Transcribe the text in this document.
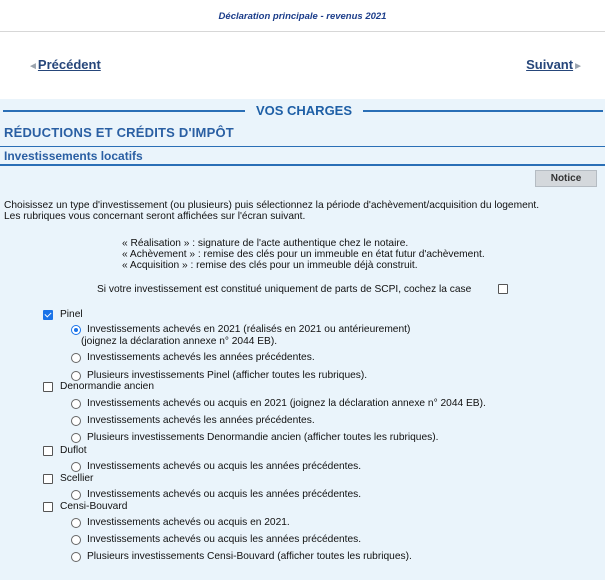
Déclaration principale - revenus 2021
◄Précédent	Suivant►
VOS CHARGES
RÉDUCTIONS ET CRÉDITS D'IMPÔT
Investissements locatifs
Notice
Choisissez un type d'investissement (ou plusieurs) puis sélectionnez la période d'achèvement/acquisition du logement.
Les rubriques vous concernant seront affichées sur l'écran suivant.
« Réalisation » : signature de l'acte authentique chez le notaire.
« Achèvement » : remise des clés pour un immeuble en état futur d'achèvement.
« Acquisition » : remise des clés pour un immeuble déjà construit.
Si votre investissement est constitué uniquement de parts de SCPI, cochez la case
Pinel
Investissements achevés en 2021 (réalisés en 2021 ou antérieurement)
(joignez la déclaration annexe n° 2044 EB).
Investissements achevés les années précédentes.
Plusieurs investissements Pinel (afficher toutes les rubriques).
Denormandie ancien
Investissements achevés ou acquis en 2021 (joignez la déclaration annexe n° 2044 EB).
Investissements achevés les années précédentes.
Plusieurs investissements Denormandie ancien (afficher toutes les rubriques).
Duflot
Investissements achevés ou acquis les années précédentes.
Scellier
Investissements achevés ou acquis les années précédentes.
Censi-Bouvard
Investissements achevés ou acquis en 2021.
Investissements achevés ou acquis les années précédentes.
Plusieurs investissements Censi-Bouvard (afficher toutes les rubriques).
